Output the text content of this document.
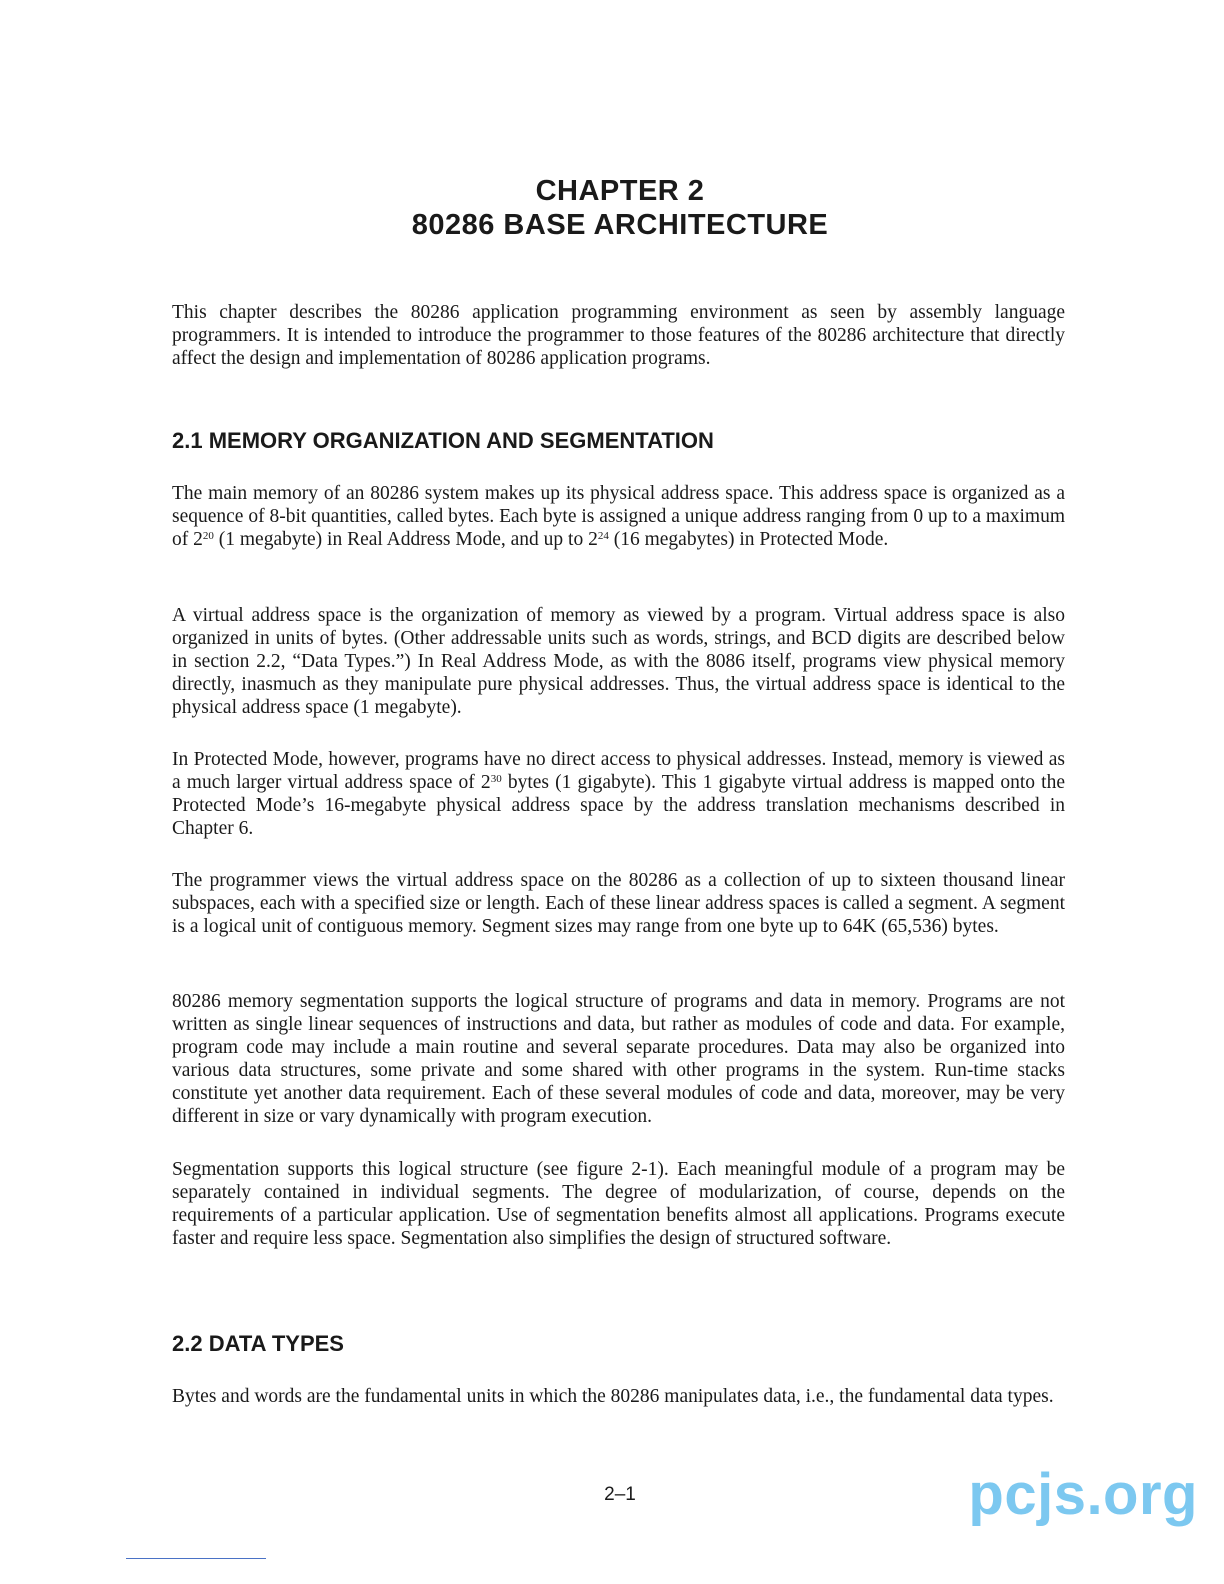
CHAPTER 2
80286 BASE ARCHITECTURE

This chapter describes the 80286 application programming environment as seen by assembly language programmers. It is intended to introduce the programmer to those features of the 80286 architecture that directly affect the design and implementation of 80286 application programs.

2.1 MEMORY ORGANIZATION AND SEGMENTATION

The main memory of an 80286 system makes up its physical address space. This address space is organized as a sequence of 8-bit quantities, called bytes. Each byte is assigned a unique address ranging from 0 up to a maximum of $2^{20}$ (1 megabyte) in Real Address Mode, and up to $2^{24}$ (16 megabytes) in Protected Mode.

A virtual address space is the organization of memory as viewed by a program. Virtual address space is also organized in units of bytes. (Other addressable units such as words, strings, and BCD digits are described below in section 2.2, “Data Types.”) In Real Address Mode, as with the 8086 itself, programs view physical memory directly, inasmuch as they manipulate pure physical addresses. Thus, the virtual address space is identical to the physical address space (1 megabyte).

In Protected Mode, however, programs have no direct access to physical addresses. Instead, memory is viewed as a much larger virtual address space of $2^{30}$ bytes (1 gigabyte). This 1 gigabyte virtual address is mapped onto the Protected Mode’s 16-megabyte physical address space by the address translation mechanisms described in Chapter 6.

The programmer views the virtual address space on the 80286 as a collection of up to sixteen thousand linear subspaces, each with a specified size or length. Each of these linear address spaces is called a segment. A segment is a logical unit of contiguous memory. Segment sizes may range from one byte up to 64K (65,536) bytes.

80286 memory segmentation supports the logical structure of programs and data in memory. Programs are not written as single linear sequences of instructions and data, but rather as modules of code and data. For example, program code may include a main routine and several separate procedures. Data may also be organized into various data structures, some private and some shared with other programs in the system. Run-time stacks constitute yet another data requirement. Each of these several modules of code and data, moreover, may be very different in size or vary dynamically with program execution.

Segmentation supports this logical structure (see figure 2-1). Each meaningful module of a program may be separately contained in individual segments. The degree of modularization, of course, depends on the requirements of a particular application. Use of segmentation benefits almost all applications. Programs execute faster and require less space. Segmentation also simplifies the design of structured software.

2.2 DATA TYPES

Bytes and words are the fundamental units in which the 80286 manipulates data, i.e., the fundamental data types.

2–1	pcjs.org
